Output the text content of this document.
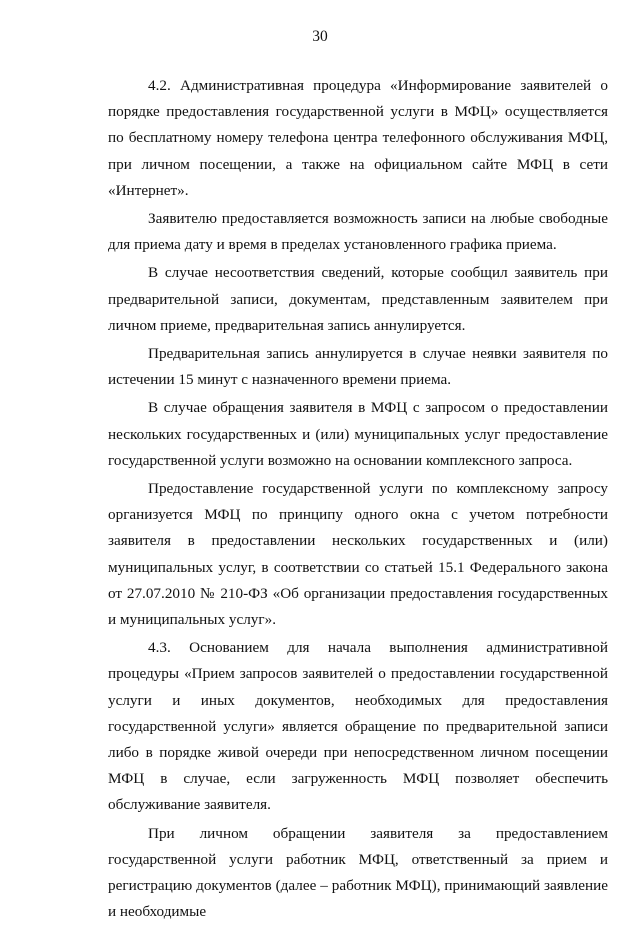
30

4.2. Административная процедура «Информирование заявителей о порядке предоставления государственной услуги в МФЦ» осуществляется по бесплатному номеру телефона центра телефонного обслуживания МФЦ, при личном посещении, а также на официальном сайте МФЦ в сети «Интернет».

Заявителю предоставляется возможность записи на любые свободные для приема дату и время в пределах установленного графика приема.

В случае несоответствия сведений, которые сообщил заявитель при предварительной записи, документам, представленным заявителем при личном приеме, предварительная запись аннулируется.

Предварительная запись аннулируется в случае неявки заявителя по истечении 15 минут с назначенного времени приема.

В случае обращения заявителя в МФЦ с запросом о предоставлении нескольких государственных и (или) муниципальных услуг предоставление государственной услуги возможно на основании комплексного запроса.

Предоставление государственной услуги по комплексному запросу организуется МФЦ по принципу одного окна с учетом потребности заявителя в предоставлении нескольких государственных и (или) муниципальных услуг, в соответствии со статьей 15.1 Федерального закона от 27.07.2010 № 210-ФЗ «Об организации предоставления государственных и муниципальных услуг».

4.3. Основанием для начала выполнения административной процедуры «Прием запросов заявителей о предоставлении государственной услуги и иных документов, необходимых для предоставления государственной услуги» является обращение по предварительной записи либо в порядке живой очереди при непосредственном личном посещении МФЦ в случае, если загруженность МФЦ позволяет обеспечить обслуживание заявителя.

При личном обращении заявителя за предоставлением государственной услуги работник МФЦ, ответственный за прием и регистрацию документов (далее – работник МФЦ), принимающий заявление и необходимые
